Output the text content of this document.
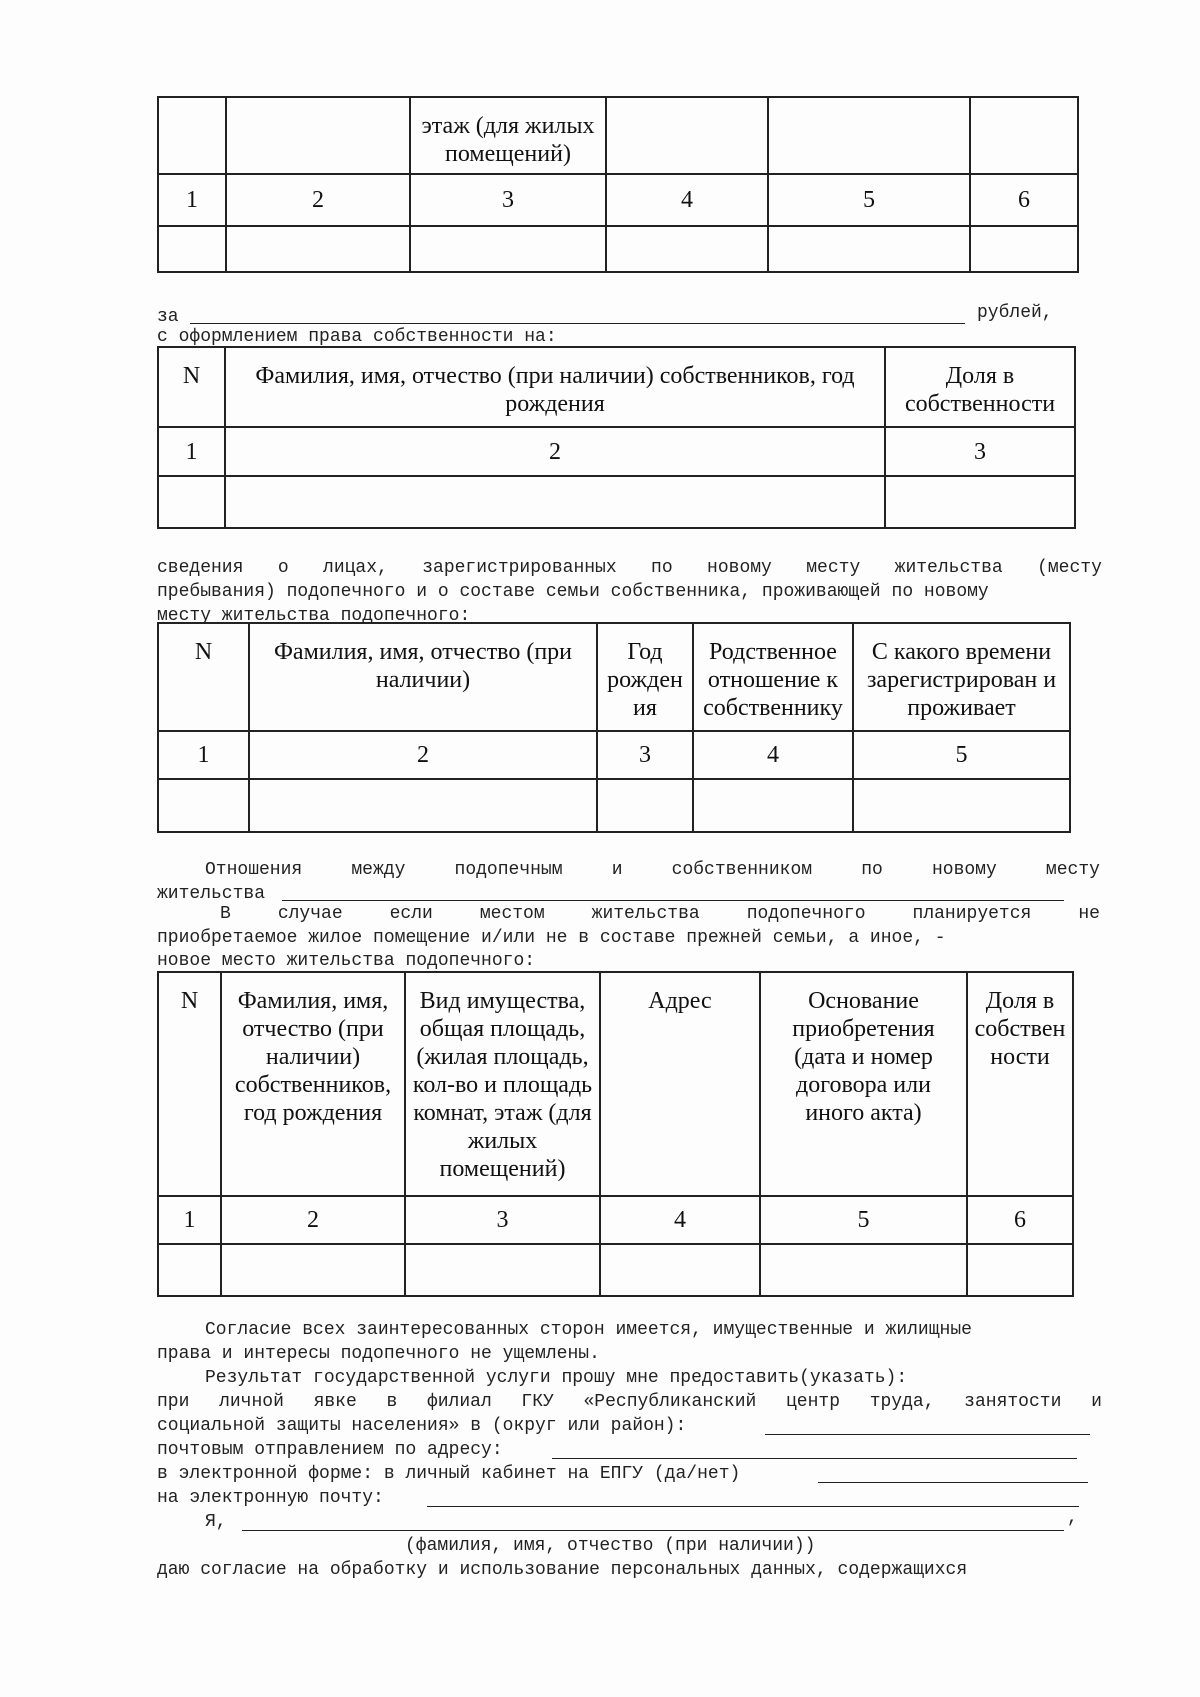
		этаж (для жилых помещений)			
1	2	3	4	5	6

за	рублей,
с оформлением права собственности на:
N	Фамилия, имя, отчество (при наличии) собственников, год рождения	Доля в собственности
1	2	3

сведения о лицах, зарегистрированных по новому месту жительства (месту
пребывания) подопечного и о составе семьи собственника, проживающей по новому
месту жительства подопечного:
N	Фамилия, имя, отчество (при наличии)	Год рожден ия	Родственное отношение к собственнику	С какого времени зарегистрирован и проживает
1	2	3	4	5

Отношения	между	подопечным	и	собственником	по	новому	месту
жительства
В	случае	если	местом	жительства	подопечного	планируется	не
приобретаемое жилое помещение и/или не в составе прежней семьи, а иное, -
новое место жительства подопечного:
N	Фамилия, имя, отчество (при наличии) собственников, год рождения	Вид имущества, общая площадь, (жилая площадь, кол-во и площадь комнат, этаж (для жилых помещений)	Адрес	Основание приобретения (дата и номер договора или иного акта)	Доля в собствен ности
1	2	3	4	5	6

Согласие всех заинтересованных сторон имеется, имущественные и жилищные
права и интересы подопечного не ущемлены.
Результат государственной услуги прошу мне предоставить(указать):
при личной явке в филиал ГКУ «Республиканский центр труда, занятости и
социальной защиты населения» в (округ или район):
почтовым отправлением по адресу:
в электронной форме: в личный кабинет на ЕПГУ (да/нет)
на электронную почту:
Я,	,
(фамилия, имя, отчество (при наличии))
даю согласие на обработку и использование персональных данных, содержащихся
